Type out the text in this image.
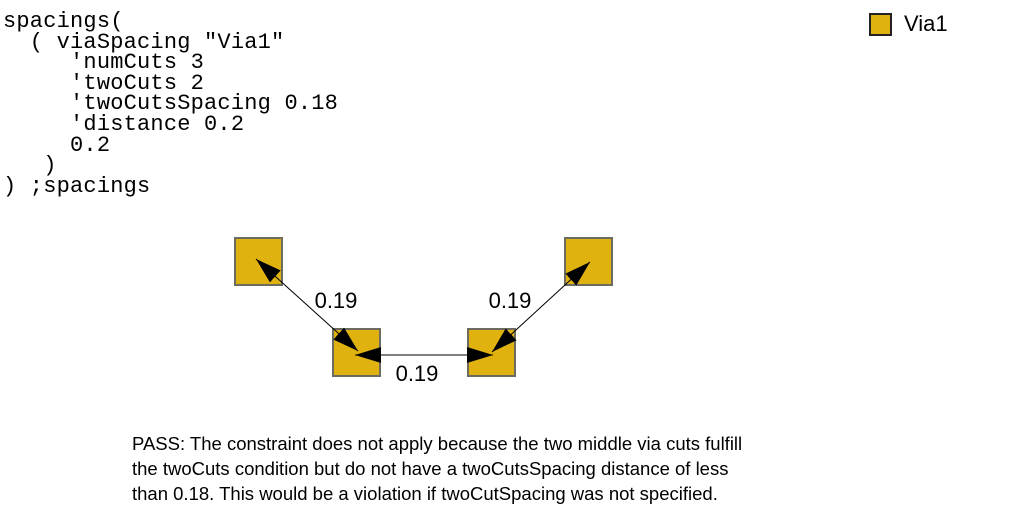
spacings(
( viaSpacing "Via1"
'numCuts 3
'twoCuts 2
'twoCutsSpacing 0.18
'distance 0.2
0.2
)
) ;spacings
Via1
0.19
0.19
0.19
PASS: The constraint does not apply because the two middle via cuts fulfill
the twoCuts condition but do not have a twoCutsSpacing distance of less
than 0.18. This would be a violation if twoCutSpacing was not specified.
